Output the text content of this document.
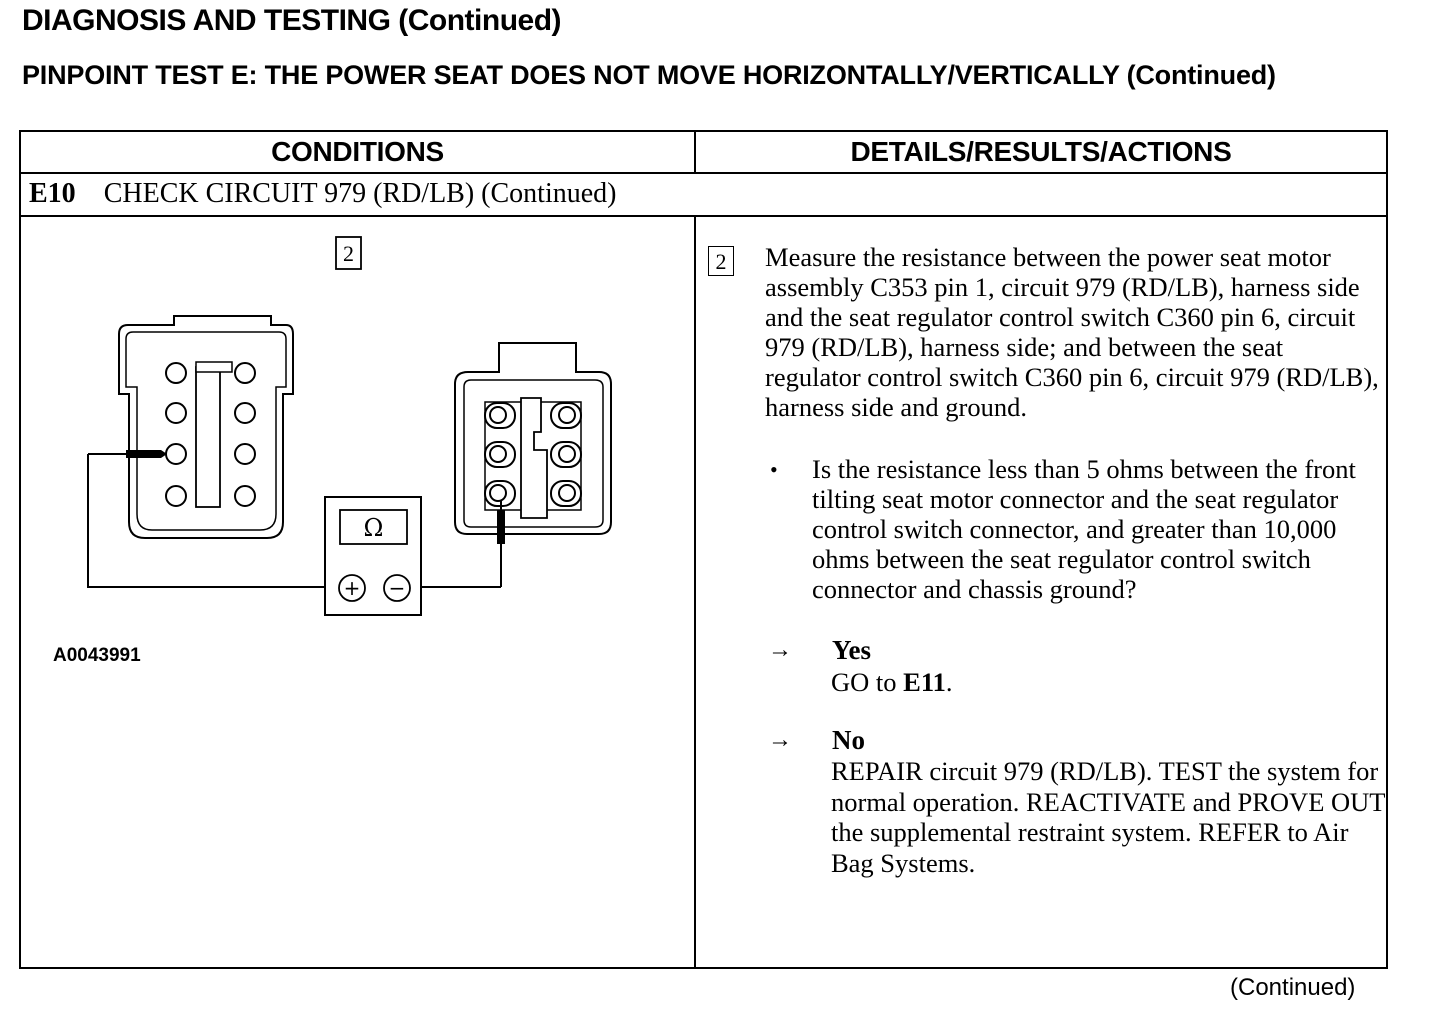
DIAGNOSIS AND TESTING (Continued)
PINPOINT TEST E: THE POWER SEAT DOES NOT MOVE HORIZONTALLY/VERTICALLY (Continued)
CONDITIONS	DETAILS/RESULTS/ACTIONS
E10 CHECK CIRCUIT 979 (RD/LB) (Continued)
2
Ω
+ −
A0043991
2 Measure the resistance between the power seat motor assembly C353 pin 1, circuit 979 (RD/LB), harness side and the seat regulator control switch C360 pin 6, circuit 979 (RD/LB), harness side; and between the seat regulator control switch C360 pin 6, circuit 979 (RD/LB), harness side and ground.
• Is the resistance less than 5 ohms between the front tilting seat motor connector and the seat regulator control switch connector, and greater than 10,000 ohms between the seat regulator control switch connector and chassis ground?
→ Yes
GO to E11.
→ No
REPAIR circuit 979 (RD/LB). TEST the system for normal operation. REACTIVATE and PROVE OUT the supplemental restraint system. REFER to Air Bag Systems.
(Continued)
